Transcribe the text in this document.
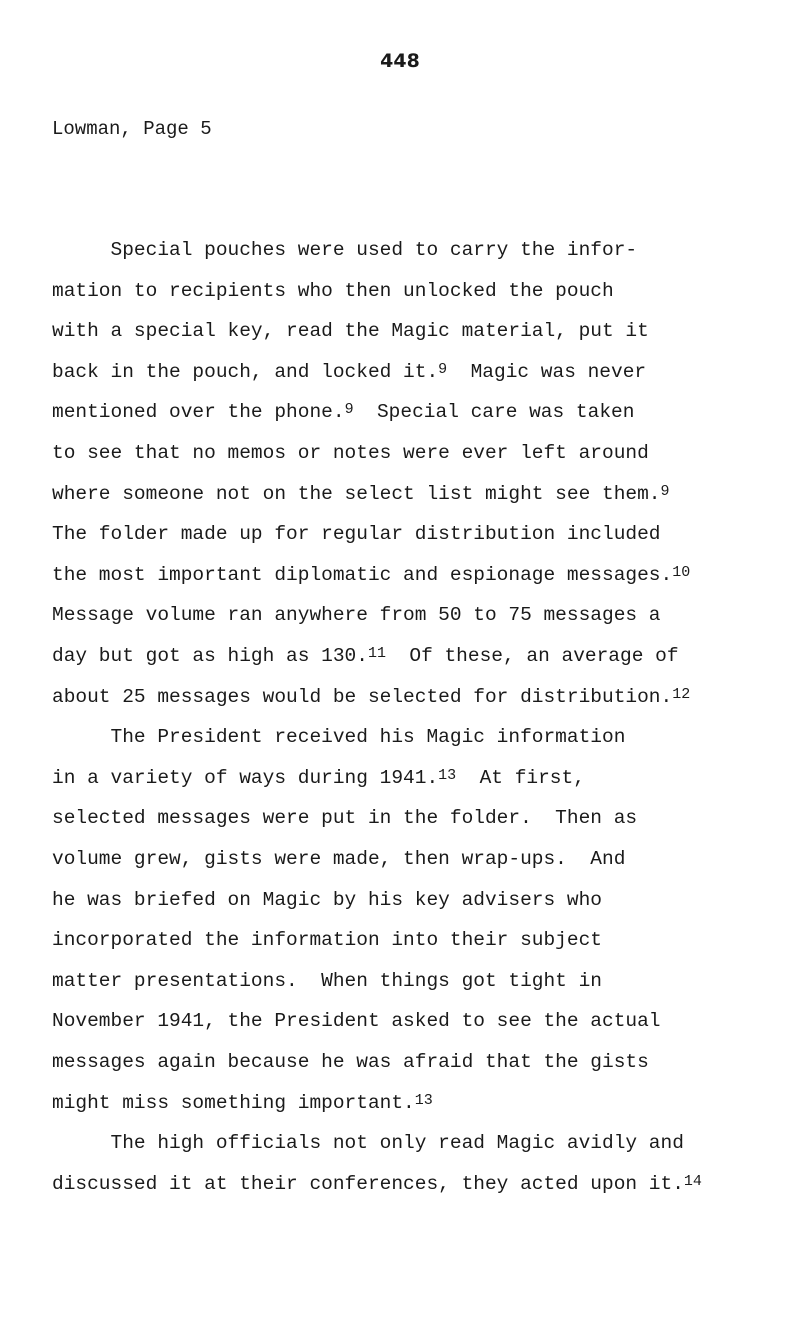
448
Lowman, Page 5
Special pouches were used to carry the infor-
mation to recipients who then unlocked the pouch
with a special key, read the Magic material, put it
back in the pouch, and locked it.$^9$  Magic was never
mentioned over the phone.$^9$  Special care was taken
to see that no memos or notes were ever left around
where someone not on the select list might see them.$^9$
The folder made up for regular distribution included
the most important diplomatic and espionage messages.$^{10}$
Message volume ran anywhere from 50 to 75 messages a
day but got as high as 130.11  Of these, an average of
about 25 messages would be selected for distribution.$^{12}$
The President received his Magic information
in a variety of ways during 1941.13  At first,
selected messages were put in the folder.  Then as
volume grew, gists were made, then wrap-ups.  And
he was briefed on Magic by his key advisers who
incorporated the information into their subject
matter presentations.  When things got tight in
November 1941, the President asked to see the actual
messages again because he was afraid that the gists
might miss something important.$^{13}$
The high officials not only read Magic avidly and
discussed it at their conferences, they acted upon it.$^{14}$
